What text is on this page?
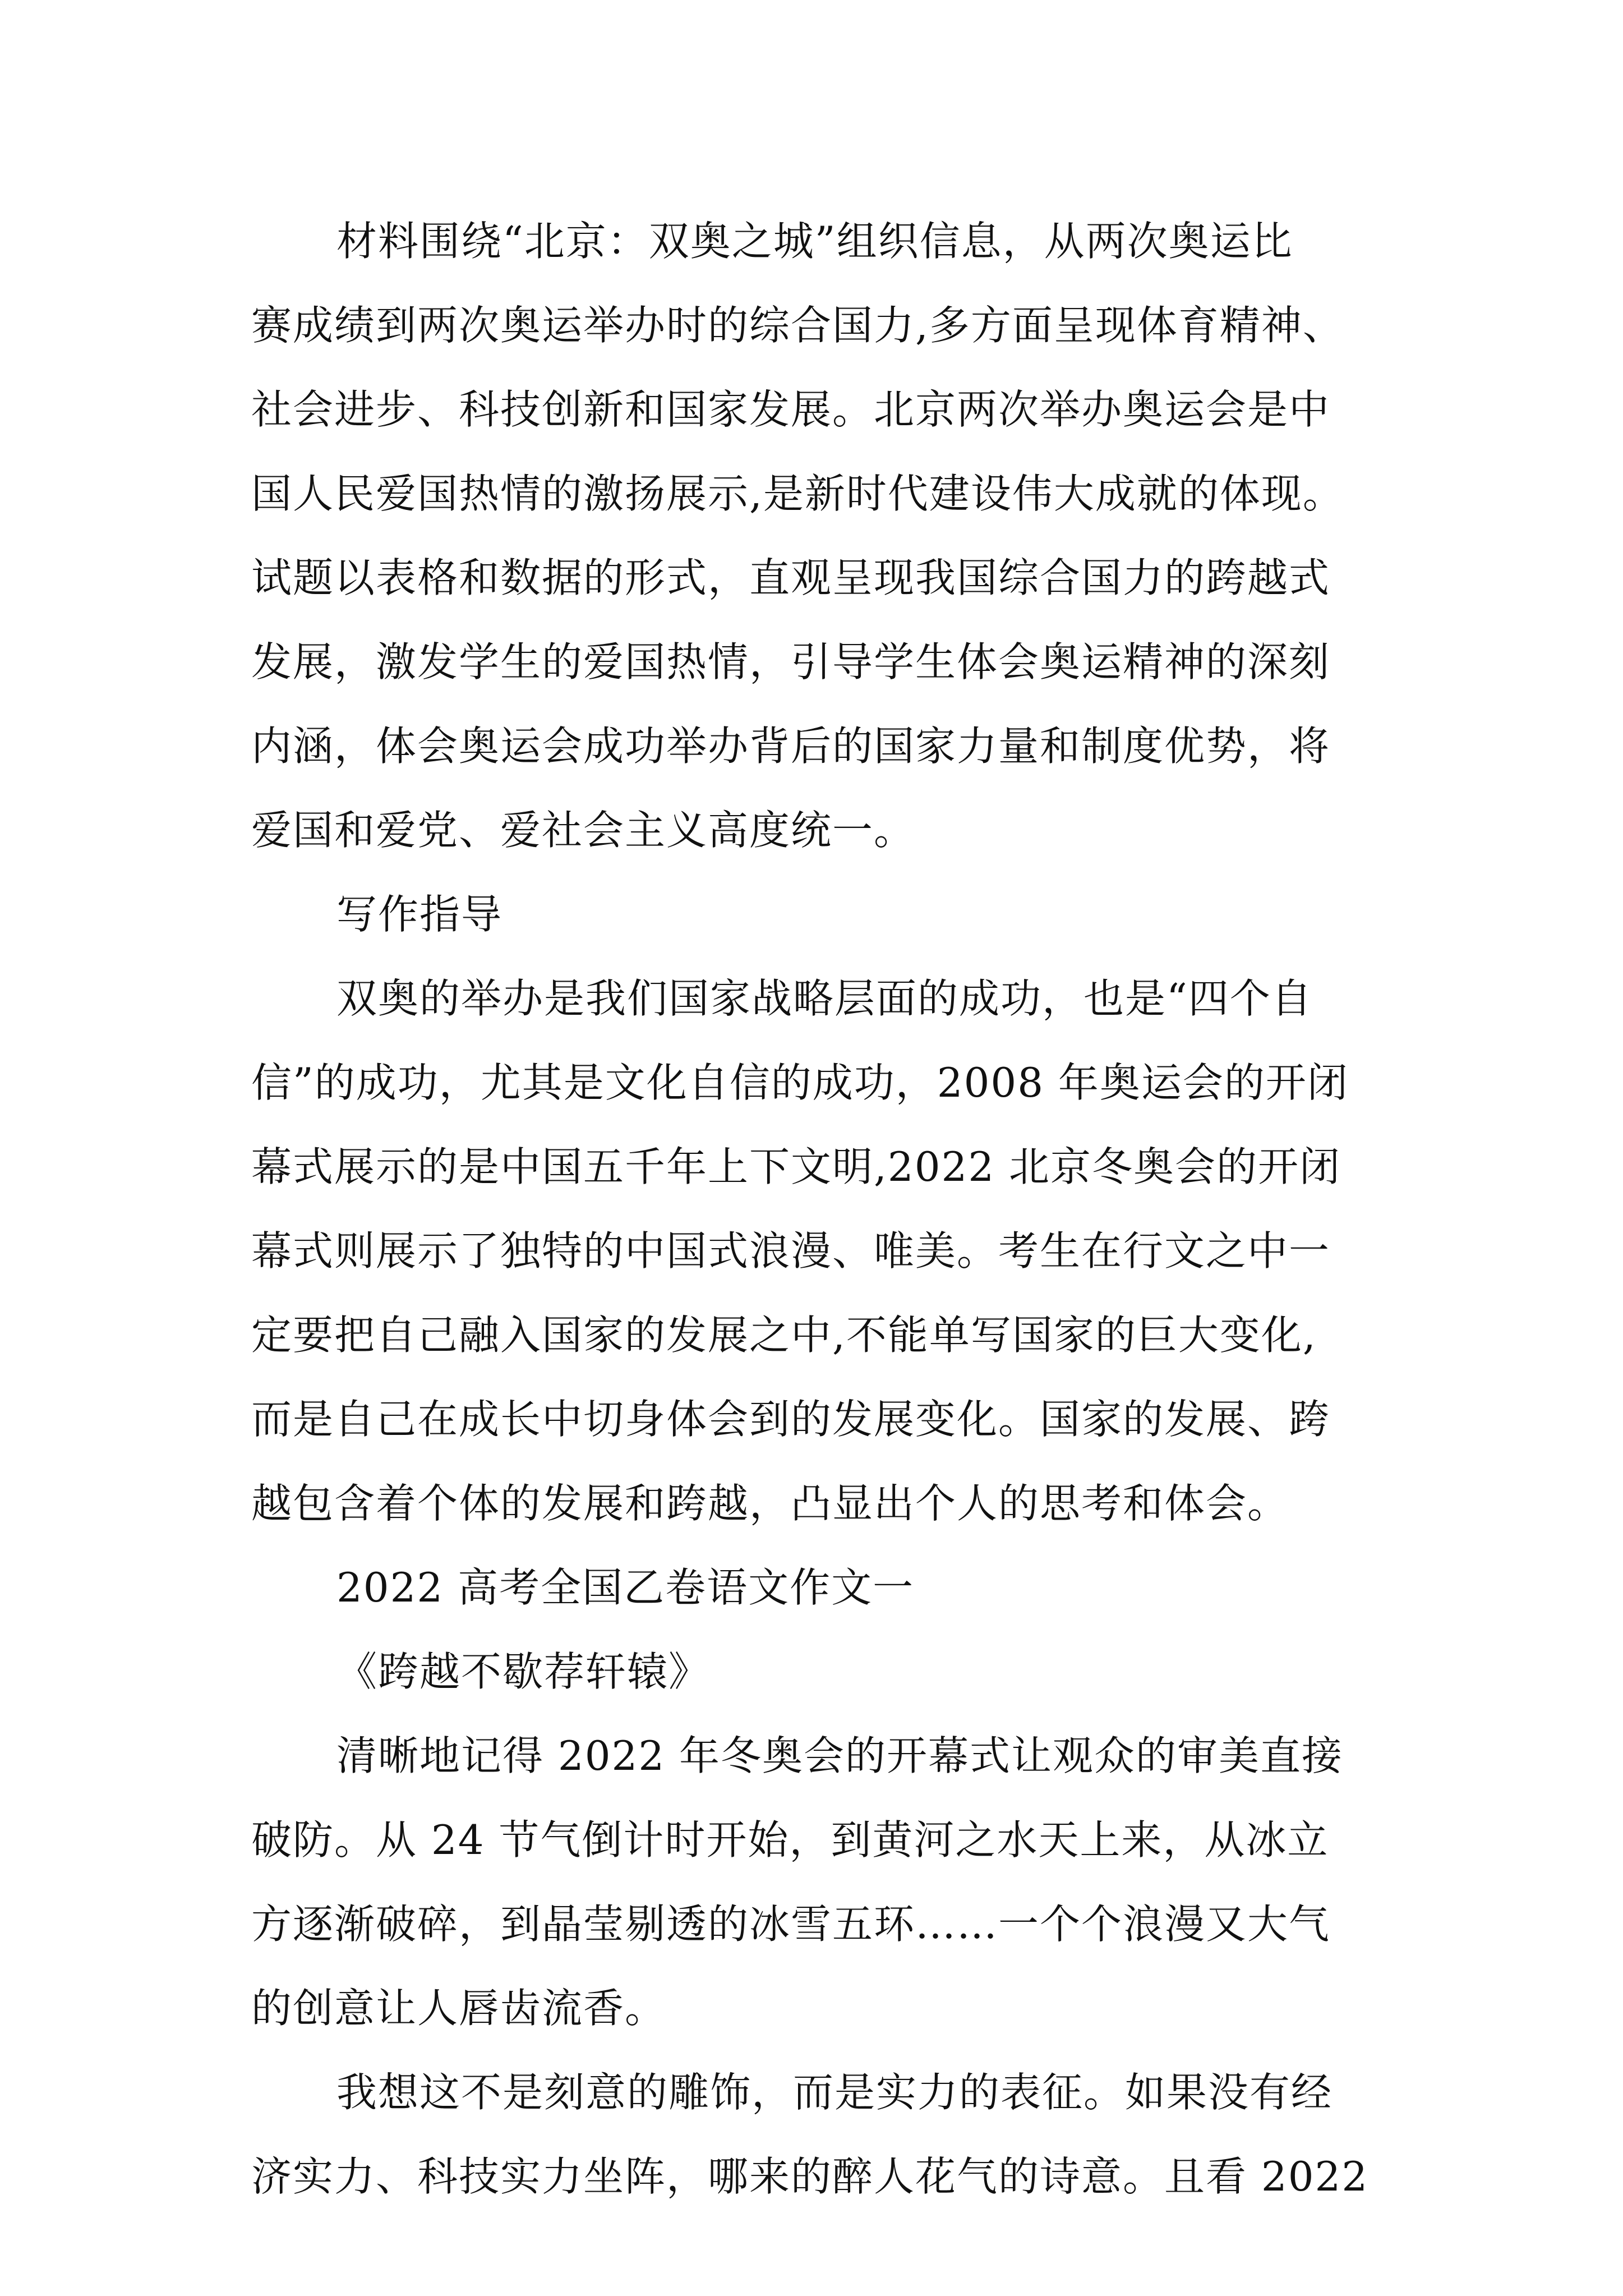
材料围绕“北京：双奥之城”组织信息，从两次奥运比
赛成绩到两次奥运举办时的综合国力,多方面呈现体育精神、
社会进步、科技创新和国家发展。北京两次举办奥运会是中
国人民爱国热情的激扬展示,是新时代建设伟大成就的体现。
试题以表格和数据的形式，直观呈现我国综合国力的跨越式
发展，激发学生的爱国热情，引导学生体会奥运精神的深刻
内涵，体会奥运会成功举办背后的国家力量和制度优势，将
爱国和爱党、爱社会主义高度统一。
写作指导
双奥的举办是我们国家战略层面的成功，也是“四个自
信”的成功，尤其是文化自信的成功，2008 年奥运会的开闭
幕式展示的是中国五千年上下文明,2022 北京冬奥会的开闭
幕式则展示了独特的中国式浪漫、唯美。考生在行文之中一
定要把自己融入国家的发展之中,不能单写国家的巨大变化,
而是自己在成长中切身体会到的发展变化。国家的发展、跨
越包含着个体的发展和跨越，凸显出个人的思考和体会。
2022 高考全国乙卷语文作文一
《跨越不歇荐轩辕》
清晰地记得 2022 年冬奥会的开幕式让观众的审美直接
破防。从 24 节气倒计时开始，到黄河之水天上来，从冰立
方逐渐破碎，到晶莹剔透的冰雪五环……一个个浪漫又大气
的创意让人唇齿流香。
我想这不是刻意的雕饰，而是实力的表征。如果没有经
济实力、科技实力坐阵，哪来的醉人花气的诗意。且看 2022
